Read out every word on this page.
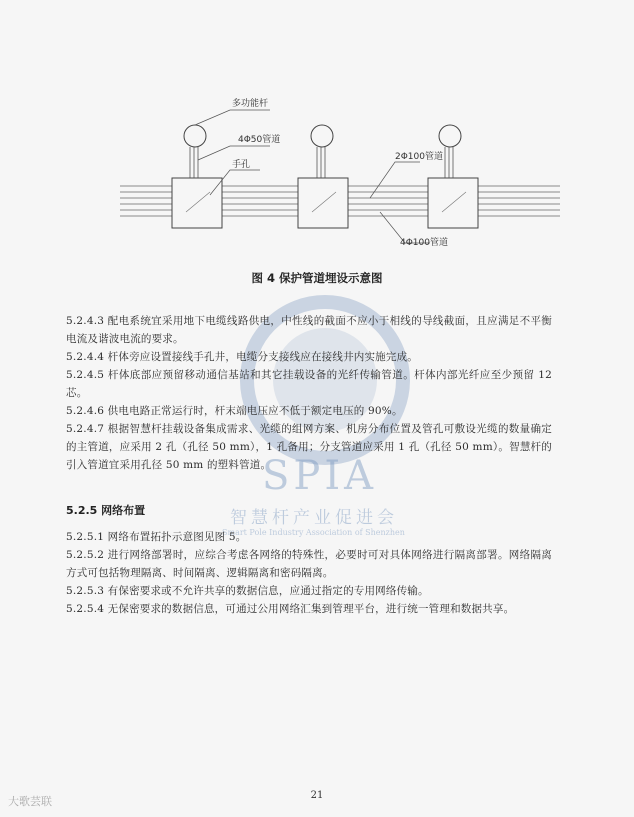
多功能杆
4Φ50管道
手孔
2Φ100管道
4Φ100管道
图 4 保护管道埋设示意图
SPIA
智慧杆产业促进会
Smart Pole Industry Association of Shenzhen

5.2.4.3 配电系统宜采用地下电缆线路供电，中性线的截面不应小于相线的导线截面，且应满足不平衡电流及谐波电流的要求。

5.2.4.4 杆体旁应设置接线手孔井，电缆分支接线应在接线井内实施完成。

5.2.4.5 杆体底部应预留移动通信基站和其它挂载设备的光纤传输管道。杆体内部光纤应至少预留 12 芯。

5.2.4.6 供电电路正常运行时，杆末端电压应不低于额定电压的 90%。

5.2.4.7 根据智慧杆挂载设备集成需求、光缆的组网方案、机房分布位置及管孔可敷设光缆的数量确定的主管道，应采用 2 孔（孔径 50 mm），1 孔备用；分支管道应采用 1 孔（孔径 50 mm）。智慧杆的引入管道宜采用孔径 50 mm 的塑料管道。

5.2.5 网络布置

5.2.5.1 网络布置拓扑示意图见图 5。

5.2.5.2 进行网络部署时，应综合考虑各网络的特殊性，必要时可对具体网络进行隔离部署。网络隔离方式可包括物理隔离、时间隔离、逻辑隔离和密码隔离。

5.2.5.3 有保密要求或不允许共享的数据信息，应通过指定的专用网络传输。

5.2.5.4 无保密要求的数据信息，可通过公用网络汇集到管理平台，进行统一管理和数据共享。

21
大歌芸联
